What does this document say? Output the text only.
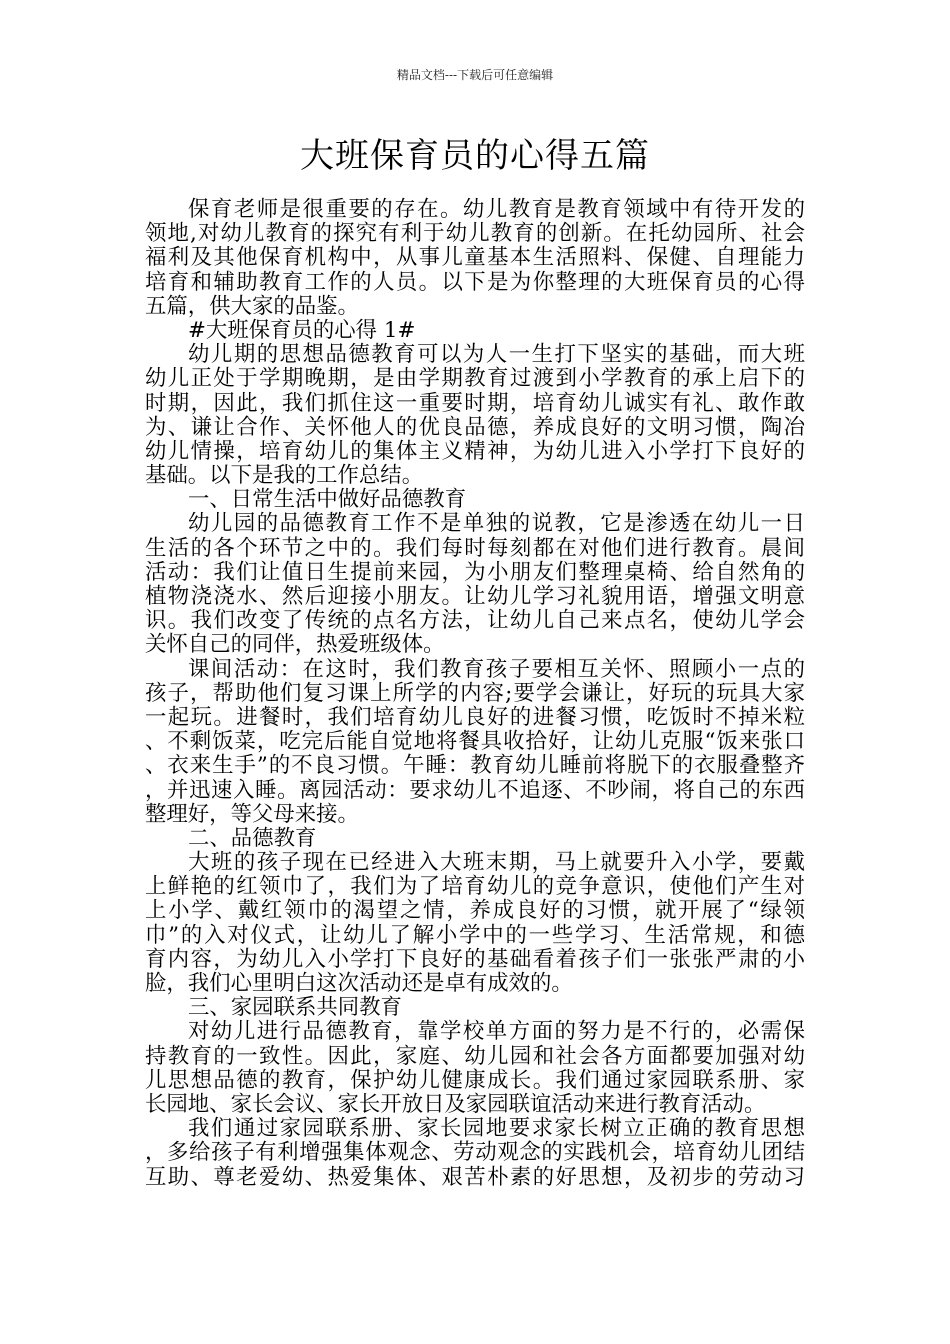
精品文档---下载后可任意编辑
大班保育员的心得五篇
保育老师是很重要的存在。幼儿教育是教育领域中有待开发的
领地,对幼儿教育的探究有利于幼儿教育的创新。在托幼园所、社会
福利及其他保育机构中，从事儿童基本生活照料、保健、自理能力
培育和辅助教育工作的人员。以下是为你整理的大班保育员的心得
五篇，供大家的品鉴。
#大班保育员的心得 1#
幼儿期的思想品德教育可以为人一生打下坚实的基础，而大班
幼儿正处于学期晚期，是由学期教育过渡到小学教育的承上启下的
时期，因此，我们抓住这一重要时期，培育幼儿诚实有礼、敢作敢
为、谦让合作、关怀他人的优良品德，养成良好的文明习惯，陶冶
幼儿情操，培育幼儿的集体主义精神，为幼儿进入小学打下良好的
基础。以下是我的工作总结。
一、日常生活中做好品德教育
幼儿园的品德教育工作不是单独的说教，它是渗透在幼儿一日
生活的各个环节之中的。我们每时每刻都在对他们进行教育。晨间
活动：我们让值日生提前来园，为小朋友们整理桌椅、给自然角的
植物浇浇水、然后迎接小朋友。让幼儿学习礼貌用语，增强文明意
识。我们改变了传统的点名方法，让幼儿自己来点名，使幼儿学会
关怀自己的同伴，热爱班级体。
课间活动：在这时，我们教育孩子要相互关怀、照顾小一点的
孩子，帮助他们复习课上所学的内容;要学会谦让，好玩的玩具大家
一起玩。进餐时，我们培育幼儿良好的进餐习惯，吃饭时不掉米粒
、不剩饭菜，吃完后能自觉地将餐具收拾好，让幼儿克服“饭来张口
、衣来生手”的不良习惯。午睡：教育幼儿睡前将脱下的衣服叠整齐
，并迅速入睡。离园活动：要求幼儿不追逐、不吵闹，将自己的东西
整理好，等父母来接。
二、品德教育
大班的孩子现在已经进入大班末期，马上就要升入小学，要戴
上鲜艳的红领巾了，我们为了培育幼儿的竞争意识，使他们产生对
上小学、戴红领巾的渴望之情，养成良好的习惯，就开展了“绿领
巾”的入对仪式，让幼儿了解小学中的一些学习、生活常规，和德
育内容，为幼儿入小学打下良好的基础看着孩子们一张张严肃的小
脸，我们心里明白这次活动还是卓有成效的。
三、家园联系共同教育
对幼儿进行品德教育，靠学校单方面的努力是不行的，必需保
持教育的一致性。因此，家庭、幼儿园和社会各方面都要加强对幼
儿思想品德的教育，保护幼儿健康成长。我们通过家园联系册、家
长园地、家长会议、家长开放日及家园联谊活动来进行教育活动。
我们通过家园联系册、家长园地要求家长树立正确的教育思想
，多给孩子有利增强集体观念、劳动观念的实践机会，培育幼儿团结
互助、尊老爱幼、热爱集体、艰苦朴素的好思想，及初步的劳动习
